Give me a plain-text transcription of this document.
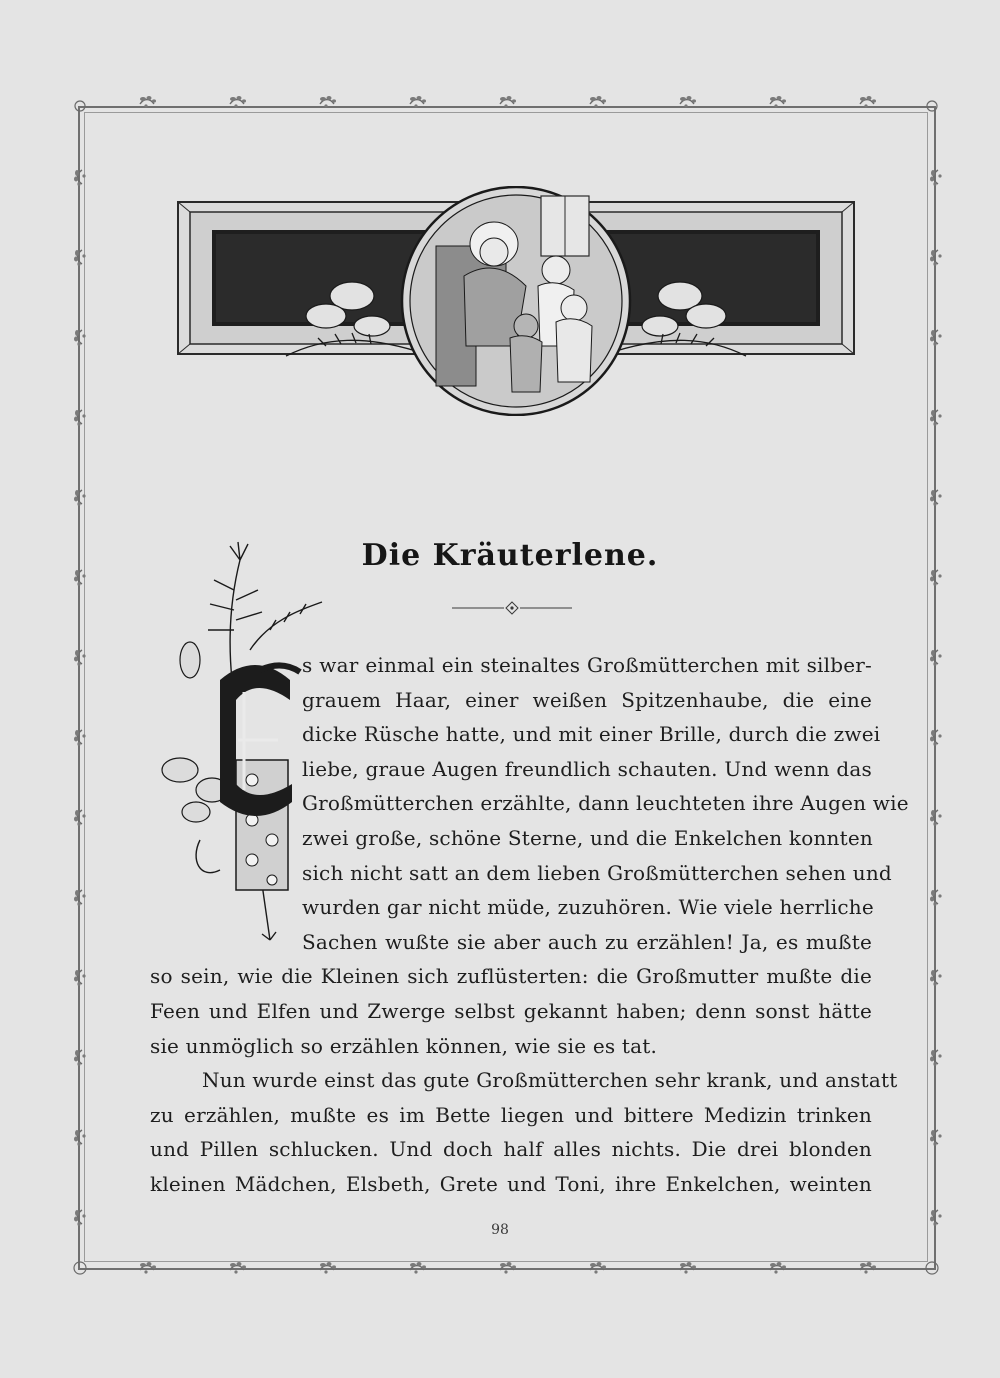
Die Kräuterlene.
s war einmal ein steinaltes Großmütterchen mit silber-
grauem Haar, einer weißen Spitzenhaube, die eine
dicke Rüsche hatte, und mit einer Brille, durch die zwei
liebe, graue Augen freundlich schauten. Und wenn das
Großmütterchen erzählte, dann leuchteten ihre Augen wie
zwei große, schöne Sterne, und die Enkelchen konnten
sich nicht satt an dem lieben Großmütterchen sehen und
wurden gar nicht müde, zuzuhören. Wie viele herrliche
Sachen wußte sie aber auch zu erzählen! Ja, es mußte
so sein, wie die Kleinen sich zuflüsterten: die Großmutter mußte die
Feen und Elfen und Zwerge selbst gekannt haben; denn sonst hätte
sie unmöglich so erzählen können, wie sie es tat.
Nun wurde einst das gute Großmütterchen sehr krank, und anstatt
zu erzählen, mußte es im Bette liegen und bittere Medizin trinken
und Pillen schlucken. Und doch half alles nichts. Die drei blonden
kleinen Mädchen, Elsbeth, Grete und Toni, ihre Enkelchen, weinten
98
